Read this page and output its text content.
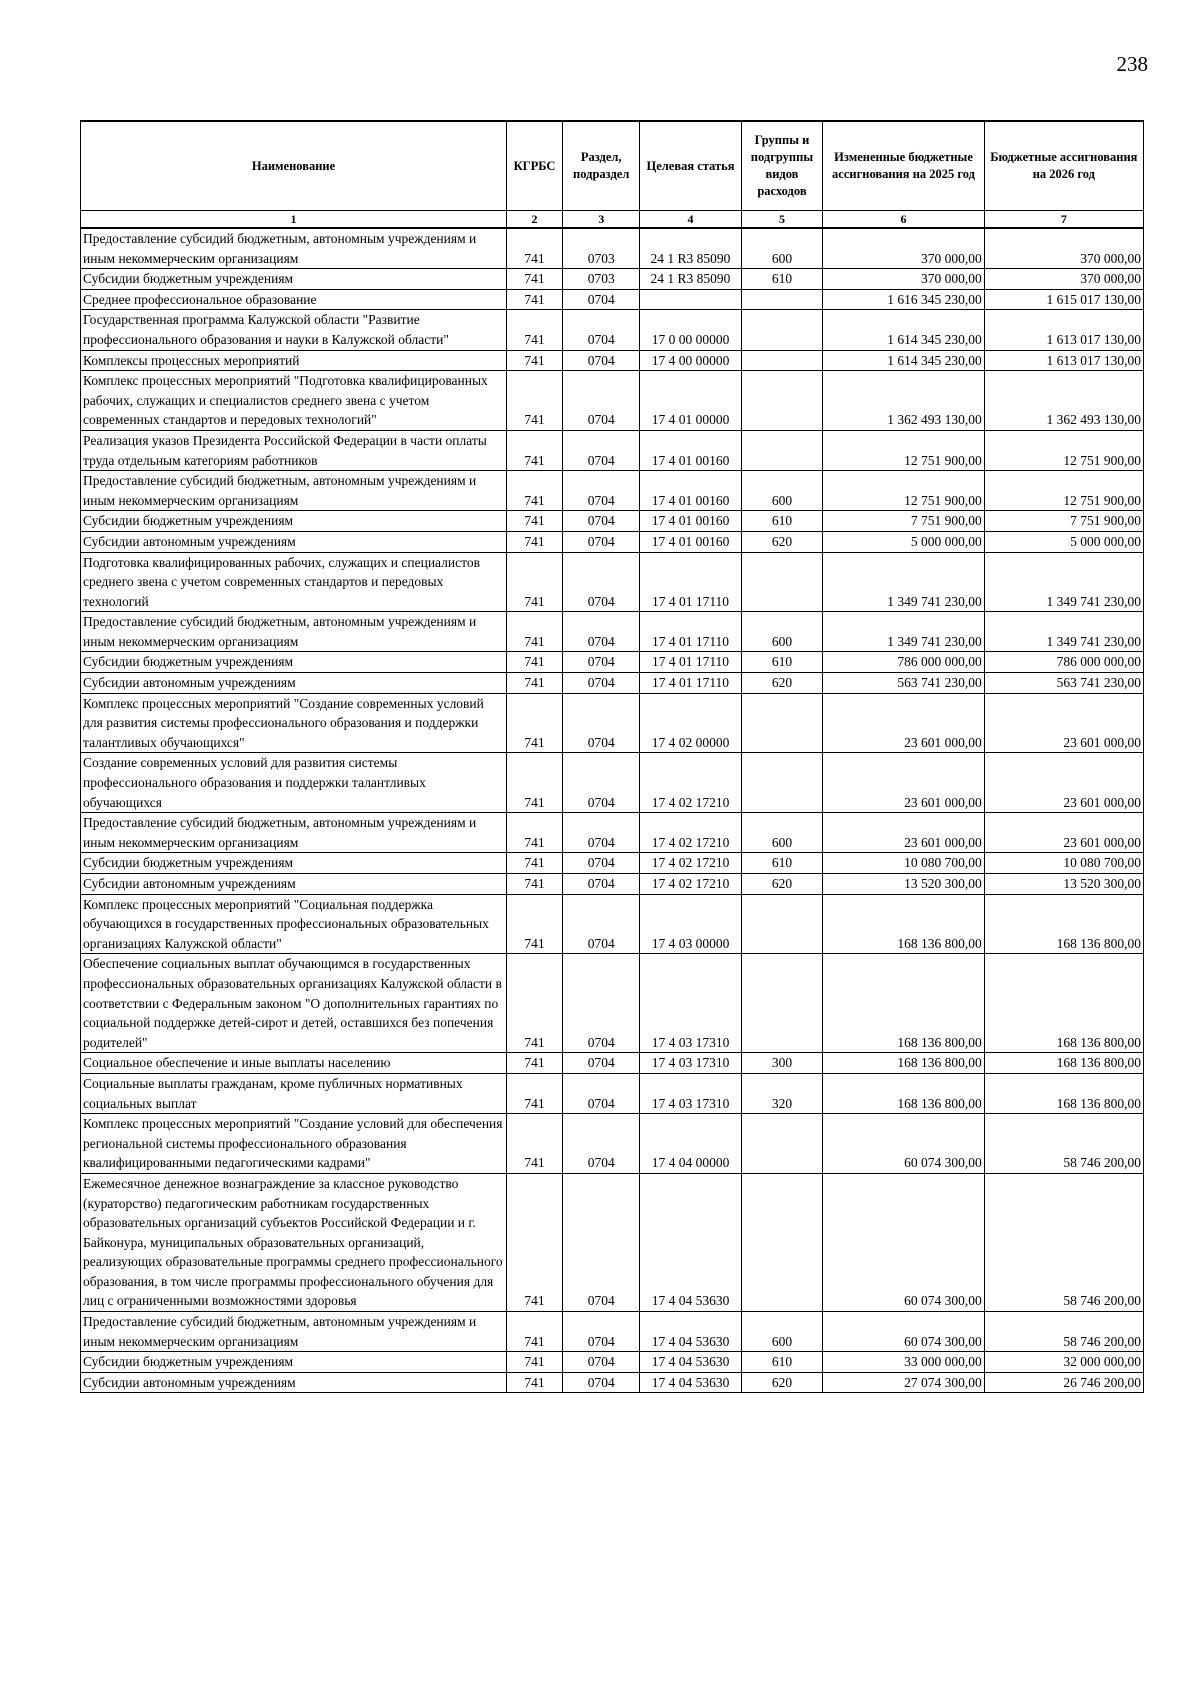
238
Наименование	КГРБС	Раздел, подраздел	Целевая статья	Группы и подгруппы видов расходов	Измененные бюджетные ассигнования на 2025 год	Бюджетные ассигнования на 2026 год
1	2	3	4	5	6	7
Предоставление субсидий бюджетным, автономным учреждениям и иным некоммерческим организациям	741	0703	24 1 R3 85090	600	370 000,00	370 000,00
Субсидии бюджетным учреждениям	741	0703	24 1 R3 85090	610	370 000,00	370 000,00
Среднее профессиональное образование	741	0704			1 616 345 230,00	1 615 017 130,00
Государственная программа Калужской области "Развитие профессионального образования и науки в Калужской области"	741	0704	17 0 00 00000		1 614 345 230,00	1 613 017 130,00
Комплексы процессных мероприятий	741	0704	17 4 00 00000		1 614 345 230,00	1 613 017 130,00
Комплекс процессных мероприятий "Подготовка квалифицированных рабочих, служащих и специалистов среднего звена с учетом современных стандартов и передовых технологий"	741	0704	17 4 01 00000		1 362 493 130,00	1 362 493 130,00
Реализация указов Президента Российской Федерации в части оплаты труда отдельным категориям работников	741	0704	17 4 01 00160		12 751 900,00	12 751 900,00
Предоставление субсидий бюджетным, автономным учреждениям и иным некоммерческим организациям	741	0704	17 4 01 00160	600	12 751 900,00	12 751 900,00
Субсидии бюджетным учреждениям	741	0704	17 4 01 00160	610	7 751 900,00	7 751 900,00
Субсидии автономным учреждениям	741	0704	17 4 01 00160	620	5 000 000,00	5 000 000,00
Подготовка квалифицированных рабочих, служащих и специалистов среднего звена с учетом современных стандартов и передовых технологий	741	0704	17 4 01 17110		1 349 741 230,00	1 349 741 230,00
Предоставление субсидий бюджетным, автономным учреждениям и иным некоммерческим организациям	741	0704	17 4 01 17110	600	1 349 741 230,00	1 349 741 230,00
Субсидии бюджетным учреждениям	741	0704	17 4 01 17110	610	786 000 000,00	786 000 000,00
Субсидии автономным учреждениям	741	0704	17 4 01 17110	620	563 741 230,00	563 741 230,00
Комплекс процессных мероприятий "Создание современных условий для развития системы профессионального образования и поддержки талантливых обучающихся"	741	0704	17 4 02 00000		23 601 000,00	23 601 000,00
Создание современных условий для развития системы профессионального образования и поддержки талантливых обучающихся	741	0704	17 4 02 17210		23 601 000,00	23 601 000,00
Предоставление субсидий бюджетным, автономным учреждениям и иным некоммерческим организациям	741	0704	17 4 02 17210	600	23 601 000,00	23 601 000,00
Субсидии бюджетным учреждениям	741	0704	17 4 02 17210	610	10 080 700,00	10 080 700,00
Субсидии автономным учреждениям	741	0704	17 4 02 17210	620	13 520 300,00	13 520 300,00
Комплекс процессных мероприятий "Социальная поддержка обучающихся в государственных профессиональных образовательных организациях Калужской области"	741	0704	17 4 03 00000		168 136 800,00	168 136 800,00
Обеспечение социальных выплат обучающимся в государственных профессиональных образовательных организациях Калужской области в соответствии с Федеральным законом "О дополнительных гарантиях по социальной поддержке детей-сирот и детей, оставшихся без попечения родителей"	741	0704	17 4 03 17310		168 136 800,00	168 136 800,00
Социальное обеспечение и иные выплаты населению	741	0704	17 4 03 17310	300	168 136 800,00	168 136 800,00
Социальные выплаты гражданам, кроме публичных нормативных социальных выплат	741	0704	17 4 03 17310	320	168 136 800,00	168 136 800,00
Комплекс процессных мероприятий "Создание условий для обеспечения региональной системы профессионального образования квалифицированными педагогическими кадрами"	741	0704	17 4 04 00000		60 074 300,00	58 746 200,00
Ежемесячное денежное вознаграждение за классное руководство (кураторство) педагогическим работникам государственных образовательных организаций субъектов Российской Федерации и г. Байконура, муниципальных образовательных организаций, реализующих образовательные программы среднего профессионального образования, в том числе программы профессионального обучения для лиц с ограниченными возможностями здоровья	741	0704	17 4 04 53630		60 074 300,00	58 746 200,00
Предоставление субсидий бюджетным, автономным учреждениям и иным некоммерческим организациям	741	0704	17 4 04 53630	600	60 074 300,00	58 746 200,00
Субсидии бюджетным учреждениям	741	0704	17 4 04 53630	610	33 000 000,00	32 000 000,00
Субсидии автономным учреждениям	741	0704	17 4 04 53630	620	27 074 300,00	26 746 200,00
